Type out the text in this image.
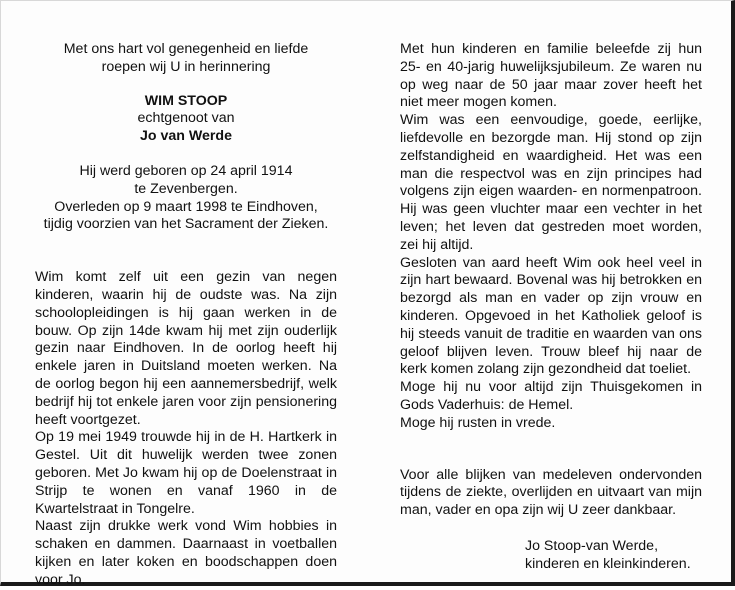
Met ons hart vol genegenheid en liefde

roepen wij U in herinnering

WIM STOOP

echtgenoot van

Jo van Werde

Hij werd geboren op 24 april 1914

te Zevenbergen.

Overleden op 9 maart 1998 te Eindhoven,

tijdig voorzien van het Sacrament der Zieken.

Wim komt zelf uit een gezin van negen kinderen, waarin hij de oudste was. Na zijn schoolopleidingen is hij gaan werken in de bouw. Op zijn 14de kwam hij met zijn ouderlijk gezin naar Eindhoven. In de oorlog heeft hij enkele jaren in Duitsland moeten werken. Na de oorlog begon hij een aannemersbedrijf, welk bedrijf hij tot enkele jaren voor zijn pensionering heeft voortgezet.

Op 19 mei 1949 trouwde hij in de H. Hartkerk in Gestel. Uit dit huwelijk werden twee zonen geboren. Met Jo kwam hij op de Doelenstraat in Strijp te wonen en vanaf 1960 in de Kwartelstraat in Tongelre.

Naast zijn drukke werk vond Wim hobbies in schaken en dammen. Daarnaast in voetballen kijken en later koken en boodschappen doen voor Jo.

Met hun kinderen en familie beleefde zij hun 25- en 40-jarig huwelijksjubileum. Ze waren nu op weg naar de 50 jaar maar zover heeft het niet meer mogen komen.

Wim was een eenvoudige, goede, eerlijke, liefdevolle en bezorgde man. Hij stond op zijn zelfstandigheid en waardigheid. Het was een man die respectvol was en zijn principes had volgens zijn eigen waarden- en normenpatroon. Hij was geen vluchter maar een vechter in het leven; het leven dat gestreden moet worden, zei hij altijd.

Gesloten van aard heeft Wim ook heel veel in zijn hart bewaard. Bovenal was hij betrokken en bezorgd als man en vader op zijn vrouw en kinderen. Opgevoed in het Katholiek geloof is hij steeds vanuit de traditie en waarden van ons geloof blijven leven. Trouw bleef hij naar de kerk komen zolang zijn gezondheid dat toeliet.

Moge hij nu voor altijd zijn Thuisgekomen in Gods Vaderhuis: de Hemel.

Moge hij rusten in vrede.

Voor alle blijken van medeleven ondervonden tijdens de ziekte, overlijden en uitvaart van mijn man, vader en opa zijn wij U zeer dankbaar.

Jo Stoop-van Werde,

kinderen en kleinkinderen.
